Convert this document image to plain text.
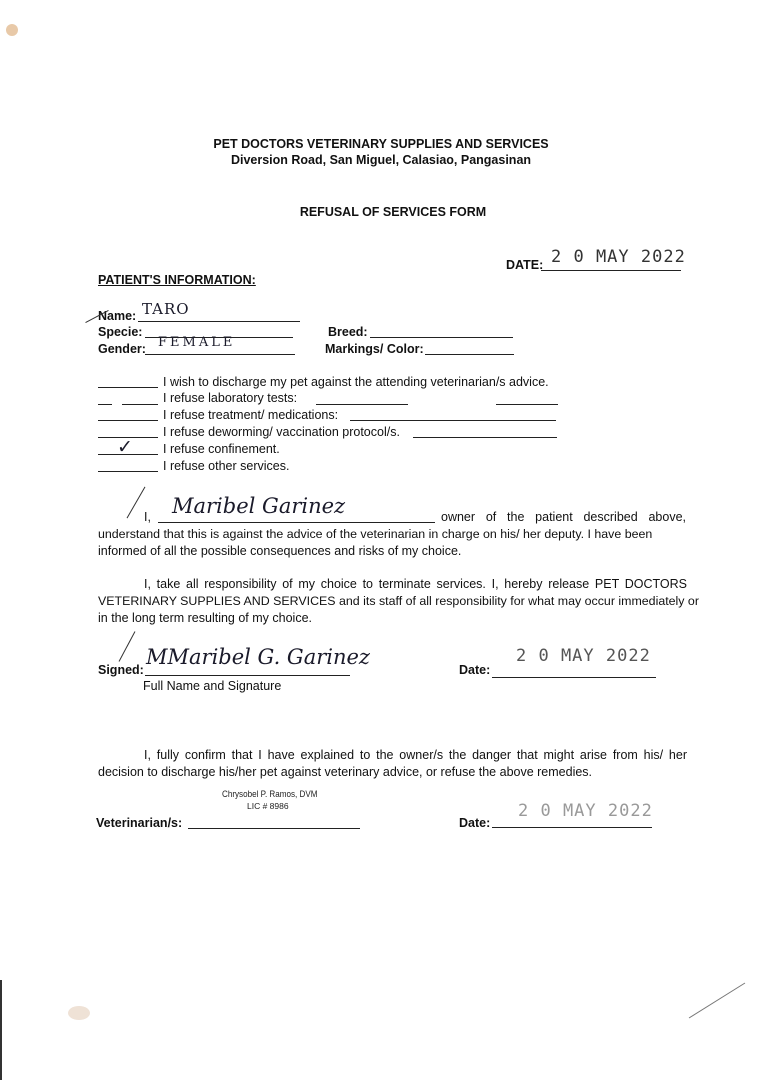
PET DOCTORS VETERINARY SUPPLIES AND SERVICES
Diversion Road, San Miguel, Calasiao, Pangasinan
REFUSAL OF SERVICES FORM
DATE: 2 0 MAY 2022
PATIENT'S INFORMATION:
Name: TARO
Specie:
Gender: FEMALE
Breed:
Markings/ Color:
I wish to discharge my pet against the attending veterinarian/s advice.
I refuse laboratory tests:
I refuse treatment/ medications:
I refuse deworming/ vaccination protocol/s.
✓ I refuse confinement.
I refuse other services.
I, Maribel Garinez	owner of the patient described above,
understand that this is against the advice of the veterinarian in charge on his/ her deputy. I have been
informed of all the possible consequences and risks of my choice.
I, take all responsibility of my choice to terminate services. I, hereby release PET DOCTORS
VETERINARY SUPPLIES AND SERVICES and its staff of all responsibility for what may occur immediately or
in the long term resulting of my choice.
Signed:
MMaribel G. Garinez
Full Name and Signature
Date:
2 0 MAY 2022
I, fully confirm that I have explained to the owner/s the danger that might arise from his/ her
decision to discharge his/her pet against veterinary advice, or refuse the above remedies.
Chrysobel P. Ramos, DVM
LIC # 8986
Veterinarian/s:	Date:
2 0 MAY 2022
